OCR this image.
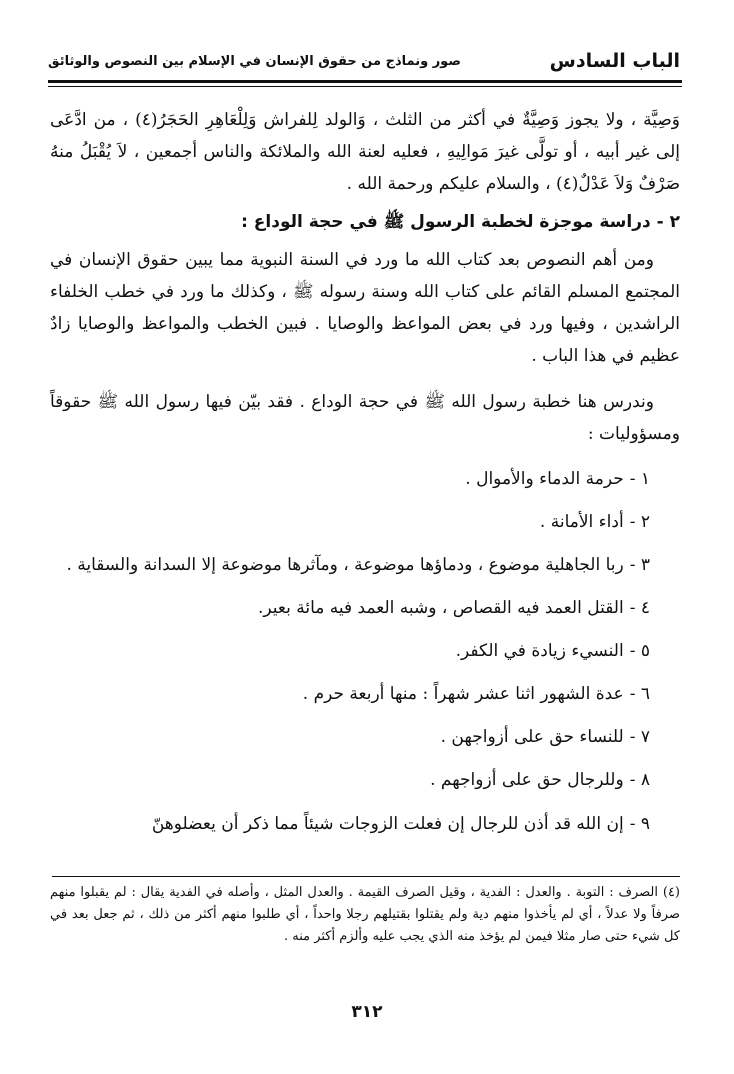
الباب السادس
صور ونماذج من حقوق الإنسان في الإسلام بين النصوص والوثائق

وَصِيَّة ، ولا يجوز وَصِيَّةٌ في أكثر من الثلث ، وَالولد لِلفراش وَلِلْعَاهِرِ الحَجَرُ(٤) ، من ادَّعَى إلى غير أبيه ، أو تولَّى غيرَ مَوالِيهِ ، فعليه لعنة الله والملائكة والناس أجمعين ، لاَ يُقْبَلُ منهُ صَرْفٌ وَلاَ عَدْلٌ(٤) ، والسلام عليكم ورحمة الله .

٢ - دراسة موجزة لخطبة الرسول ﷺ في حجة الوداع :

ومن أهم النصوص بعد كتاب الله ما ورد في السنة النبوية مما يبين حقوق الإنسان في المجتمع المسلم القائم على كتاب الله وسنة رسوله ﷺ ، وكذلك ما ورد في خطب الخلفاء الراشدين ، وفيها ورد في بعض المواعظ والوصايا . فبين الخطب والمواعظ والوصايا زادٌ عظيم في هذا الباب .

وندرس هنا خطبة رسول الله ﷺ في حجة الوداع . فقد بيّن فيها رسول الله ﷺ حقوقاً ومسؤوليات :

١ -حرمة الدماء والأموال .
٢ -أداء الأمانة .
٣ -ربا الجاهلية موضوع ، ودماؤها موضوعة ، ومآثرها موضوعة إلا السدانة والسقاية .
٤ -القتل العمد فيه القصاص ، وشبه العمد فيه مائة بعير.
٥ -النسيء زيادة في الكفر.
٦ -عدة الشهور اثنا عشر شهراً : منها أربعة حرم .
٧ -للنساء حق على أزواجهن .
٨ -وللرجال حق على أزواجهم .
٩ -إن الله قد أذن للرجال إن فعلت الزوجات شيئاً مما ذكر أن يعضلوهنّ
(٤) الصرف : التوبة . والعدل : الفدية ، وقيل الصرف القيمة . والعدل المثل ، وأصله في الفدية يقال : لم يقبلوا منهم صرفاً ولا عدلاً ، أي لم يأخذوا منهم دية ولم يقتلوا بقتيلهم رجلا واحداً ، أي طلبوا منهم أكثر من ذلك ، ثم جعل بعد في كل شيء حتى صار مثلا فيمن لم يؤخذ منه الذي يجب عليه وألزم أكثر منه .
٣١٢
